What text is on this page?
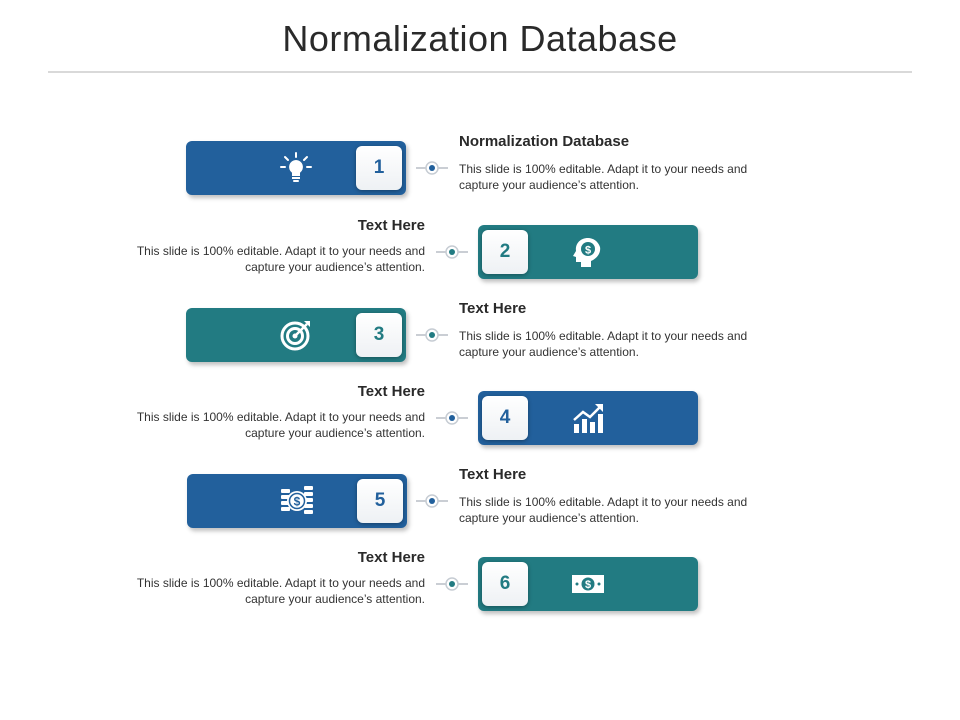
Normalization Database
1
Normalization Database
This slide is 100% editable. Adapt it to your needs and capture your audience’s attention.
2	$
Text Here
This slide is 100% editable. Adapt it to your needs and capture your audience’s attention.
3
Text Here
This slide is 100% editable. Adapt it to your needs and capture your audience’s attention.
4
Text Here
This slide is 100% editable. Adapt it to your needs and capture your audience’s attention.
$	5
Text Here
This slide is 100% editable. Adapt it to your needs and capture your audience’s attention.
6	$
Text Here
This slide is 100% editable. Adapt it to your needs and capture your audience’s attention.
